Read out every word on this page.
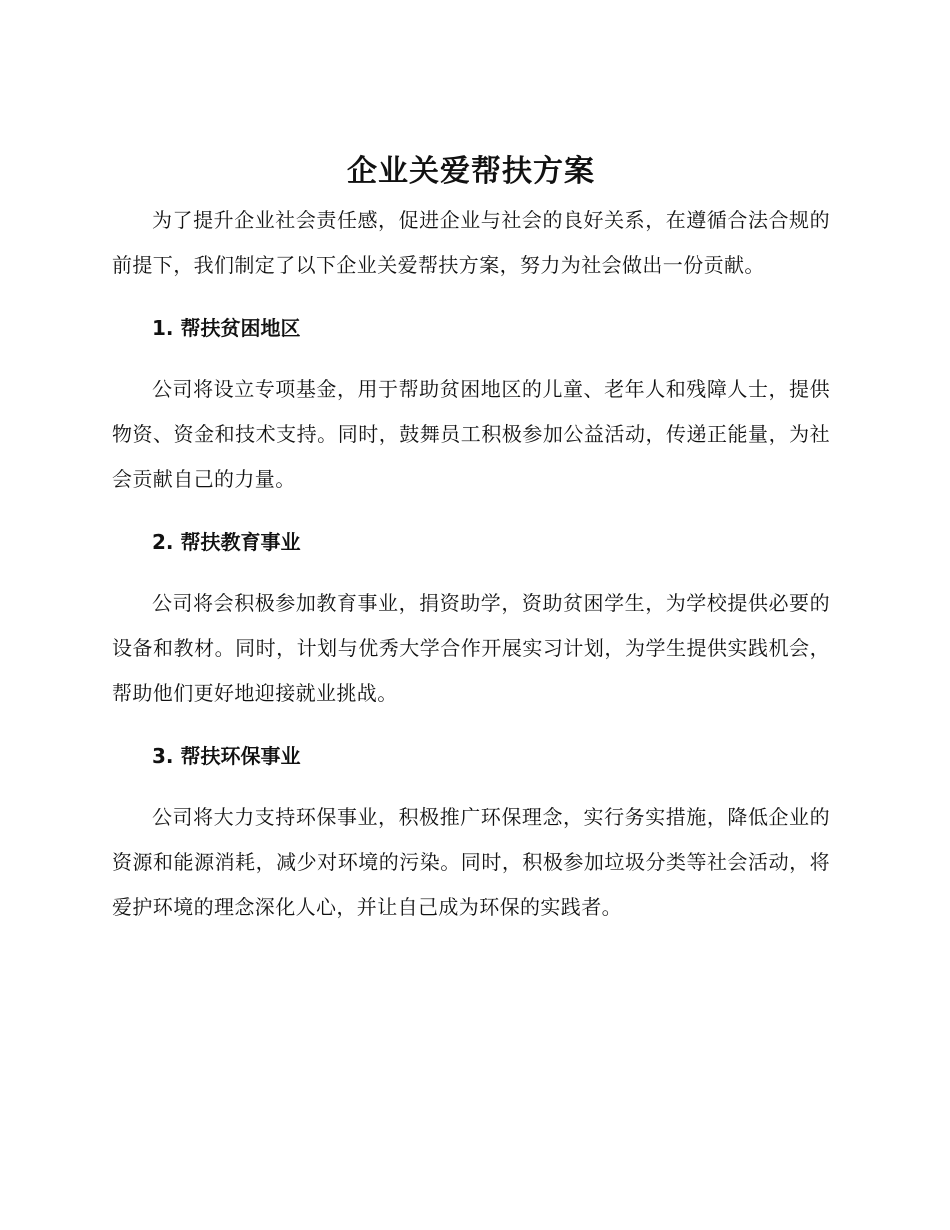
企业关爱帮扶方案

为了提升企业社会责任感，促进企业与社会的良好关系，在遵循合法合规的前提下，我们制定了以下企业关爱帮扶方案，努力为社会做出一份贡献。

1. 帮扶贫困地区

公司将设立专项基金，用于帮助贫困地区的儿童、老年人和残障人士，提供物资、资金和技术支持。同时，鼓舞员工积极参加公益活动，传递正能量，为社会贡献自己的力量。

2. 帮扶教育事业

公司将会积极参加教育事业，捐资助学，资助贫困学生，为学校提供必要的设备和教材。同时，计划与优秀大学合作开展实习计划，为学生提供实践机会，帮助他们更好地迎接就业挑战。

3. 帮扶环保事业

公司将大力支持环保事业，积极推广环保理念，实行务实措施，降低企业的资源和能源消耗，减少对环境的污染。同时，积极参加垃圾分类等社会活动，将爱护环境的理念深化人心，并让自己成为环保的实践者。
